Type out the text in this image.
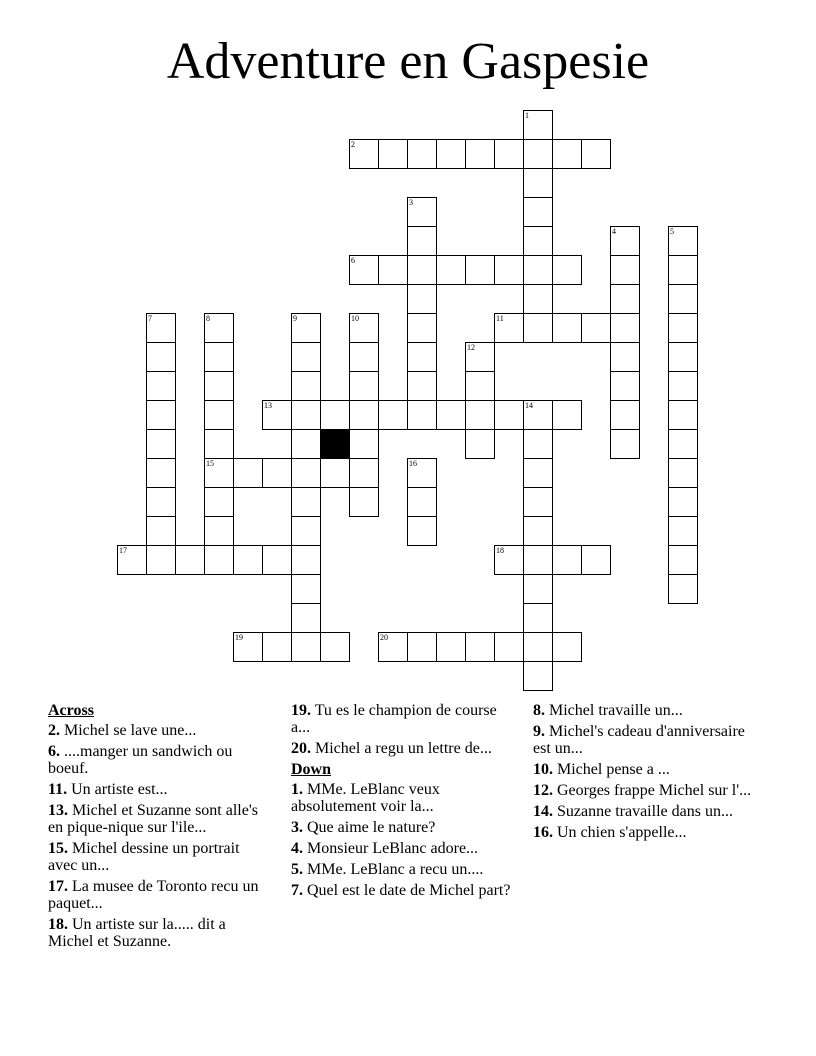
Adventure en Gaspesie
2
6
11
13	14
15
17	18
19	20
1
3
4	5
7	8	9	10
12
16
Across
2. Michel se lave une...
6. ....manger un sandwich ou boeuf.
11. Un artiste est...
13. Michel et Suzanne sont alle's en pique-nique sur l'ile...
15. Michel dessine un portrait avec un...
17. La musee de Toronto recu un paquet...
18. Un artiste sur la..... dit a Michel et Suzanne.
19. Tu es le champion de course a...
20. Michel a regu un lettre de...
Down
1. MMe. LeBlanc veux absolutement voir la...
3. Que aime le nature?
4. Monsieur LeBlanc adore...
5. MMe. LeBlanc a recu un....
7. Quel est le date de Michel part?
8. Michel travaille un...
9. Michel's cadeau d'anniversaire est un...
10. Michel pense a ...
12. Georges frappe Michel sur l'...
14. Suzanne travaille dans un...
16. Un chien s'appelle...
